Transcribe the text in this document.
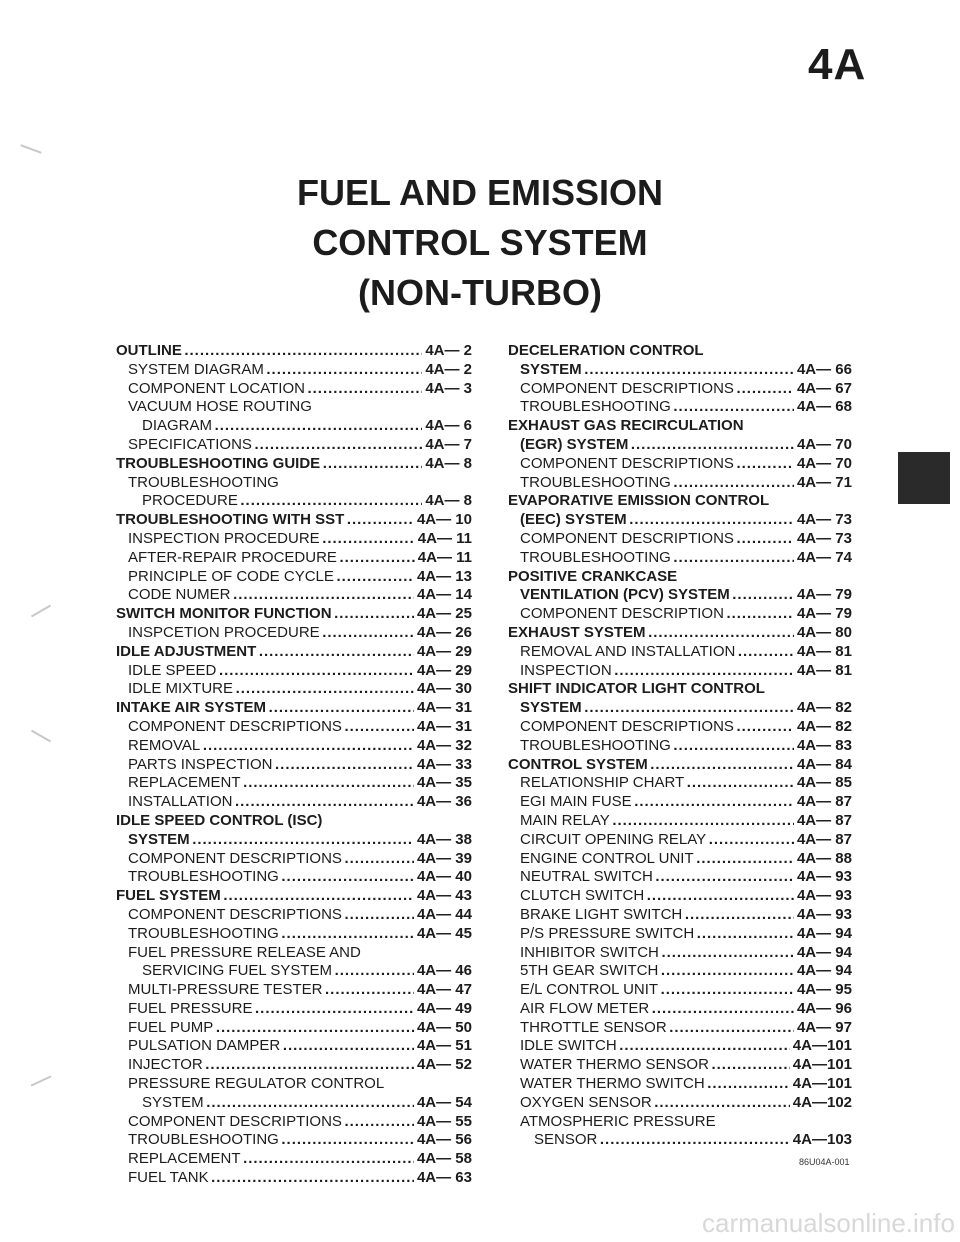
4A
FUEL AND EMISSION
CONTROL SYSTEM
(NON-TURBO)
OUTLINE . . .	4A— 2
SYSTEM DIAGRAM . . .	4A— 2
COMPONENT LOCATION . . .	4A— 3
VACUUM HOSE ROUTING
DIAGRAM . . .	4A— 6
SPECIFICATIONS . . .	4A— 7
TROUBLESHOOTING GUIDE . . .	4A— 8
TROUBLESHOOTING
PROCEDURE . . .	4A— 8
TROUBLESHOOTING WITH SST . . .	4A— 10
INSPECTION PROCEDURE . . .	4A— 11
AFTER-REPAIR PROCEDURE . . .	4A— 11
PRINCIPLE OF CODE CYCLE . . .	4A— 13
CODE NUMER . . .	4A— 14
SWITCH MONITOR FUNCTION . . .	4A— 25
INSPCETION PROCEDURE . . .	4A— 26
IDLE ADJUSTMENT . . .	4A— 29
IDLE SPEED . . .	4A— 29
IDLE MIXTURE . . .	4A— 30
INTAKE AIR SYSTEM . . .	4A— 31
COMPONENT DESCRIPTIONS . . .	4A— 31
REMOVAL . . .	4A— 32
PARTS INSPECTION . . .	4A— 33
REPLACEMENT . . .	4A— 35
INSTALLATION . . .	4A— 36
IDLE SPEED CONTROL (ISC)
SYSTEM . . .	4A— 38
COMPONENT DESCRIPTIONS . . .	4A— 39
TROUBLESHOOTING . . .	4A— 40
FUEL SYSTEM . . .	4A— 43
COMPONENT DESCRIPTIONS . . .	4A— 44
TROUBLESHOOTING . . .	4A— 45
FUEL PRESSURE RELEASE AND
SERVICING FUEL SYSTEM . . .	4A— 46
MULTI-PRESSURE TESTER . . .	4A— 47
FUEL PRESSURE . . .	4A— 49
FUEL PUMP . . .	4A— 50
PULSATION DAMPER . . .	4A— 51
INJECTOR . . .	4A— 52
PRESSURE REGULATOR CONTROL
SYSTEM . . .	4A— 54
COMPONENT DESCRIPTIONS . . .	4A— 55
TROUBLESHOOTING . . .	4A— 56
REPLACEMENT . . .	4A— 58
FUEL TANK . . .	4A— 63
DECELERATION CONTROL
SYSTEM . . .	4A— 66
COMPONENT DESCRIPTIONS . . .	4A— 67
TROUBLESHOOTING . . .	4A— 68
EXHAUST GAS RECIRCULATION
(EGR) SYSTEM . . .	4A— 70
COMPONENT DESCRIPTIONS . . .	4A— 70
TROUBLESHOOTING . . .	4A— 71
EVAPORATIVE EMISSION CONTROL
(EEC) SYSTEM . . .	4A— 73
COMPONENT DESCRIPTIONS . . .	4A— 73
TROUBLESHOOTING . . .	4A— 74
POSITIVE CRANKCASE
VENTILATION (PCV) SYSTEM . . .	4A— 79
COMPONENT DESCRIPTION . . .	4A— 79
EXHAUST SYSTEM . . .	4A— 80
REMOVAL AND INSTALLATION . . .	4A— 81
INSPECTION . . .	4A— 81
SHIFT INDICATOR LIGHT CONTROL
SYSTEM . . .	4A— 82
COMPONENT DESCRIPTIONS . . .	4A— 82
TROUBLESHOOTING . . .	4A— 83
CONTROL SYSTEM . . .	4A— 84
RELATIONSHIP CHART . . .	4A— 85
EGI MAIN FUSE . . .	4A— 87
MAIN RELAY . . .	4A— 87
CIRCUIT OPENING RELAY . . .	4A— 87
ENGINE CONTROL UNIT . . .	4A— 88
NEUTRAL SWITCH . . .	4A— 93
CLUTCH SWITCH . . .	4A— 93
BRAKE LIGHT SWITCH . . .	4A— 93
P/S PRESSURE SWITCH . . .	4A— 94
INHIBITOR SWITCH . . .	4A— 94
5TH GEAR SWITCH . . .	4A— 94
E/L CONTROL UNIT . . .	4A— 95
AIR FLOW METER . . .	4A— 96
THROTTLE SENSOR . . .	4A— 97
IDLE SWITCH . . .	4A—101
WATER THERMO SENSOR . . .	4A—101
WATER THERMO SWITCH . . .	4A—101
OXYGEN SENSOR . . .	4A—102
ATMOSPHERIC PRESSURE
SENSOR . . .	4A—103
86U04A-001
carmanualsonline.info
